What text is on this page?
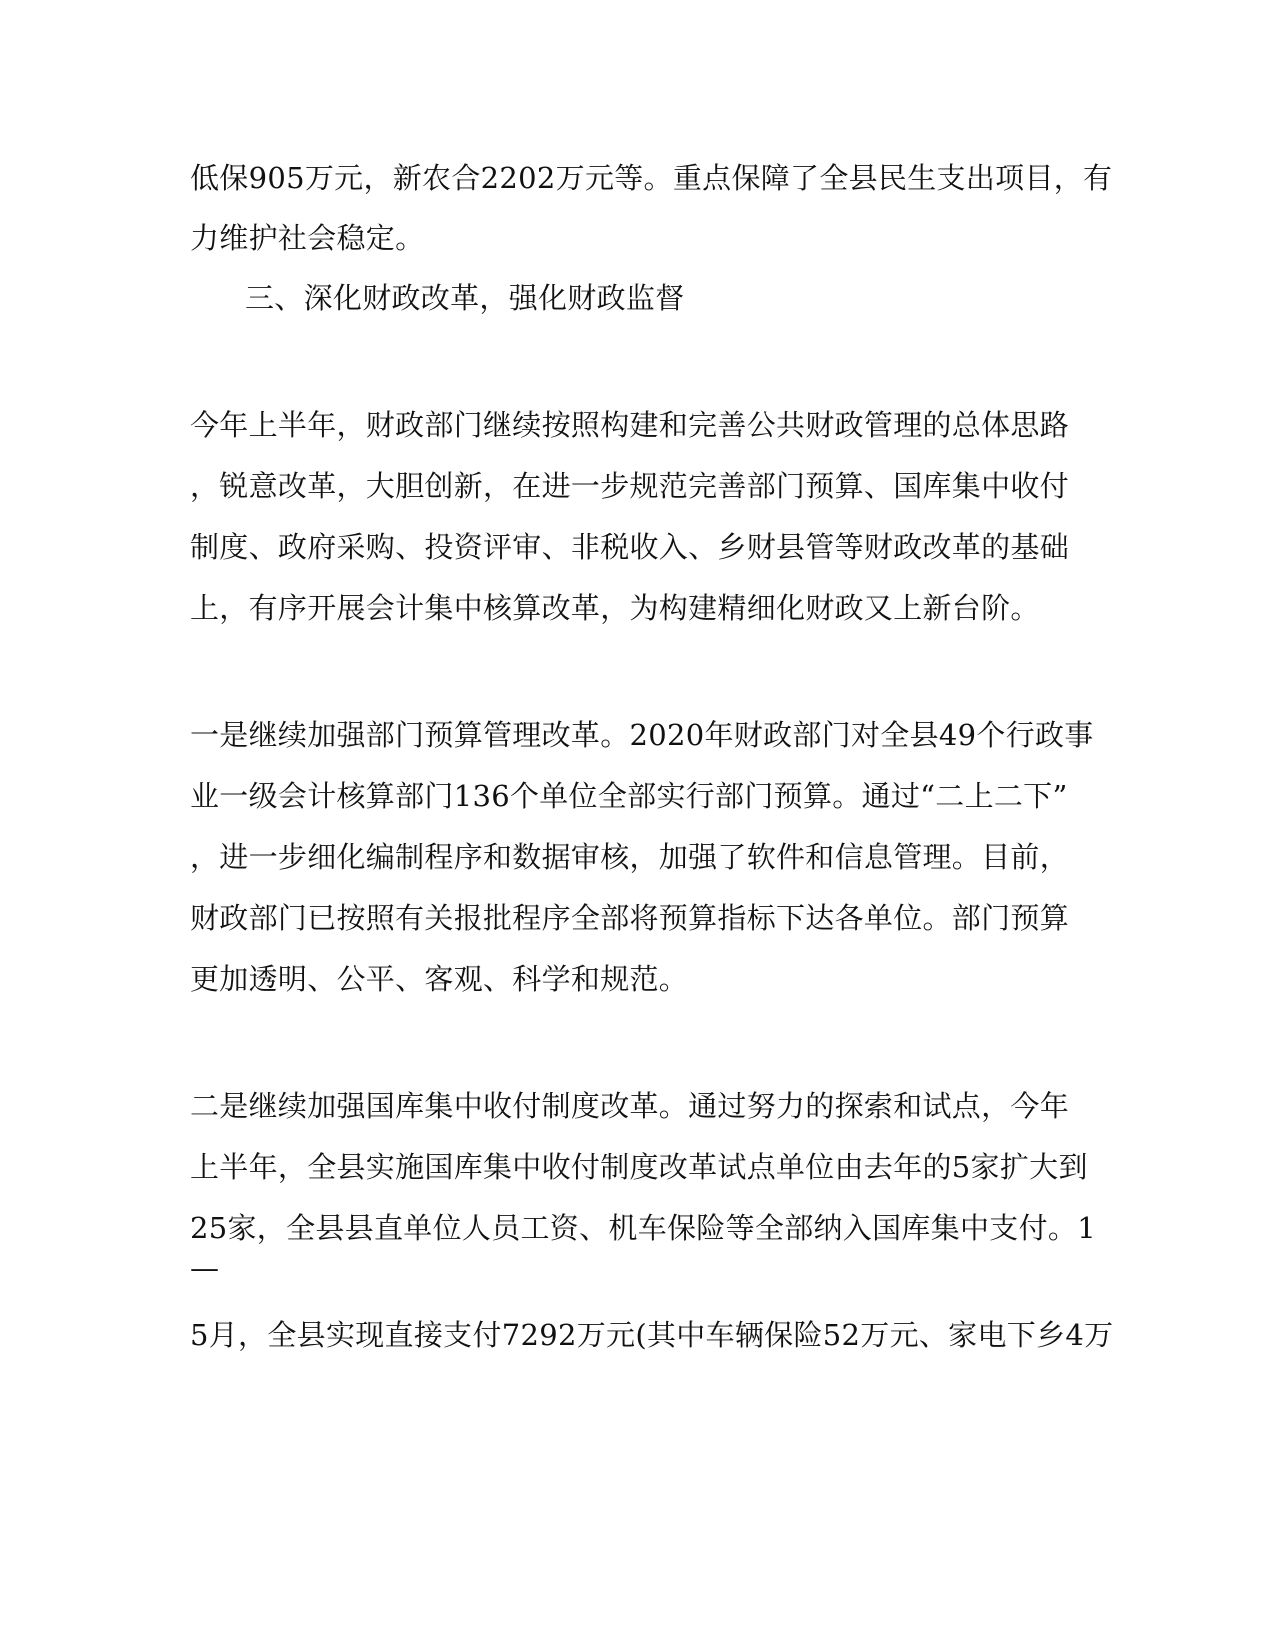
低保905万元，新农合2202万元等。重点保障了全县民生支出项目，有
力维护社会稳定。
三、深化财政改革，强化财政监督
今年上半年，财政部门继续按照构建和完善公共财政管理的总体思路
，锐意改革，大胆创新，在进一步规范完善部门预算、国库集中收付
制度、政府采购、投资评审、非税收入、乡财县管等财政改革的基础
上，有序开展会计集中核算改革，为构建精细化财政又上新台阶。
一是继续加强部门预算管理改革。2020年财政部门对全县49个行政事
业一级会计核算部门136个单位全部实行部门预算。通过“二上二下”
，进一步细化编制程序和数据审核，加强了软件和信息管理。目前，
财政部门已按照有关报批程序全部将预算指标下达各单位。部门预算
更加透明、公平、客观、科学和规范。
二是继续加强国库集中收付制度改革。通过努力的探索和试点，今年
上半年，全县实施国库集中收付制度改革试点单位由去年的5家扩大到
25家，全县县直单位人员工资、机车保险等全部纳入国库集中支付。1
—
5月，全县实现直接支付7292万元(其中车辆保险52万元、家电下乡4万
